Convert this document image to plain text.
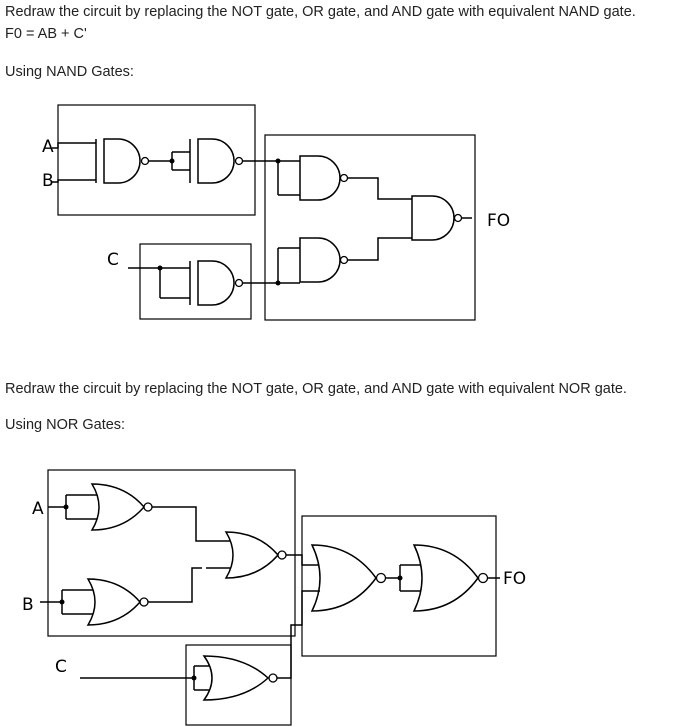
Redraw the circuit by replacing the NOT gate, OR gate, and AND gate with equivalent NAND gate.
F0 = AB + C'
Using NAND Gates:
Redraw the circuit by replacing the NOT gate, OR gate, and AND gate with equivalent NOR gate.
Using NOR Gates:
A
B
C
FO
A
B
C
FO
